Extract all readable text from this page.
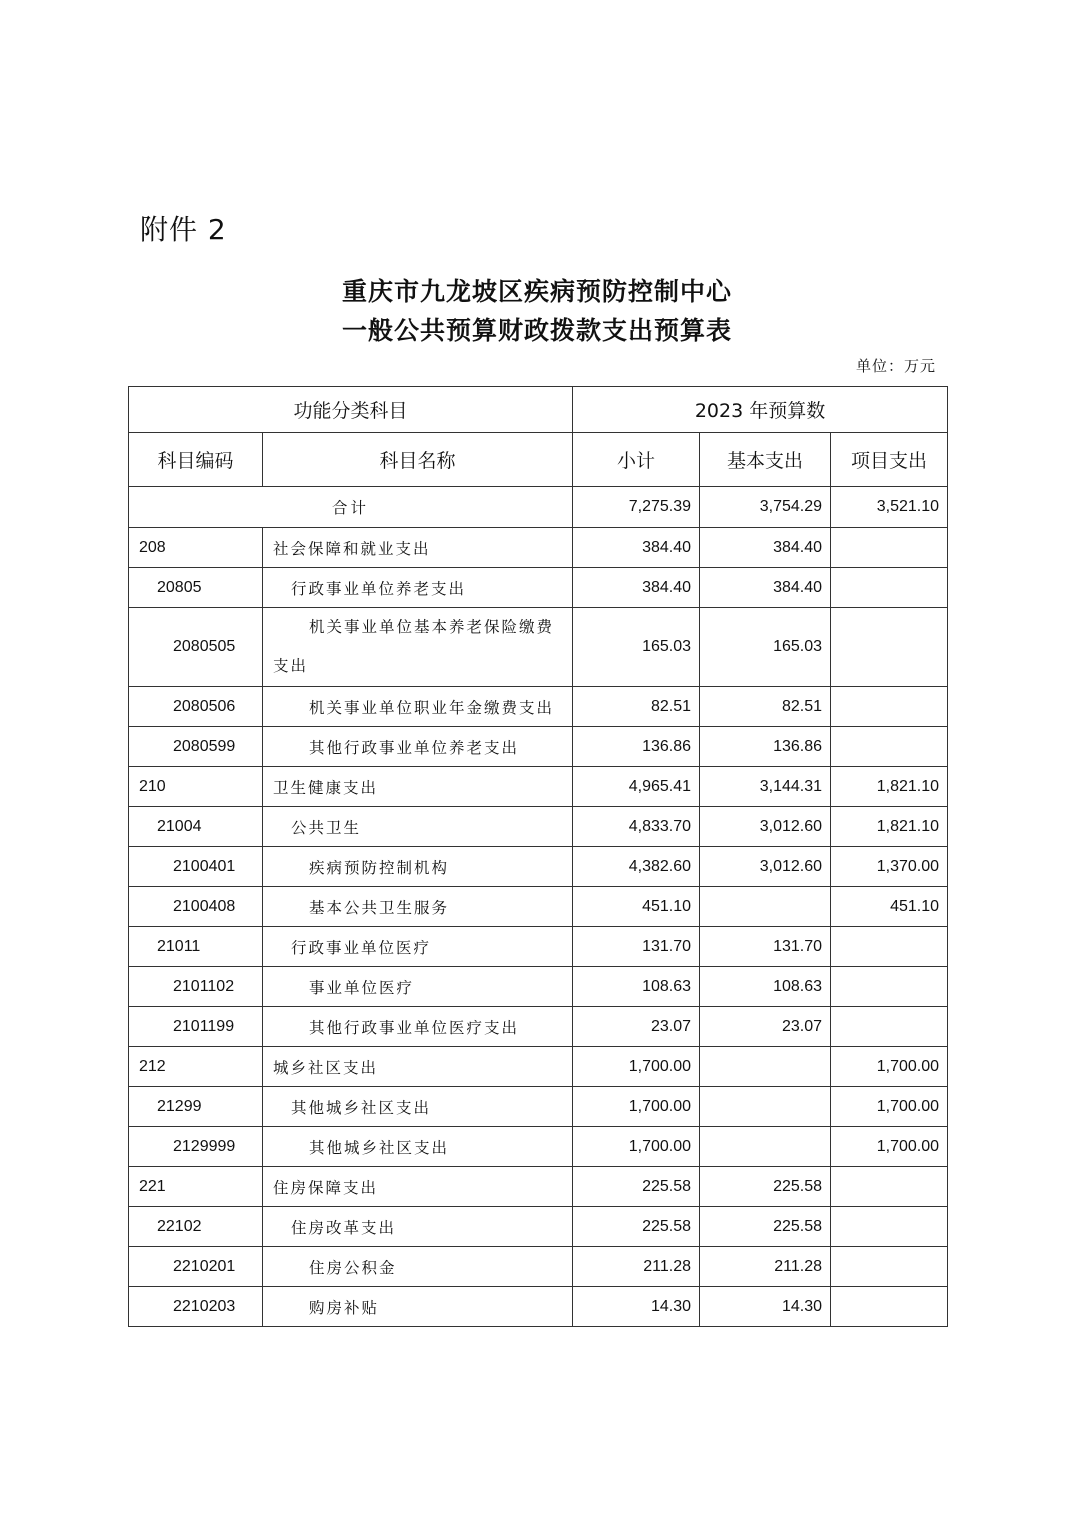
附件 2
重庆市九龙坡区疾病预防控制中心
一般公共预算财政拨款支出预算表
单位：万元
功能分类科目		2023 年预算数		
科目编码	科目名称	小计	基本支出	项目支出
合计		7,275.39	3,754.29	3,521.10
208	社会保障和就业支出	384.40	384.40	
20805	行政事业单位养老支出	384.40	384.40	
2080505	机关事业单位基本养老保险缴费
支出	165.03	165.03	
2080506	机关事业单位职业年金缴费支出	82.51	82.51	
2080599	其他行政事业单位养老支出	136.86	136.86	
210	卫生健康支出	4,965.41	3,144.31	1,821.10
21004	公共卫生	4,833.70	3,012.60	1,821.10
2100401	疾病预防控制机构	4,382.60	3,012.60	1,370.00
2100408	基本公共卫生服务	451.10		451.10
21011	行政事业单位医疗	131.70	131.70	
2101102	事业单位医疗	108.63	108.63	
2101199	其他行政事业单位医疗支出	23.07	23.07	
212	城乡社区支出	1,700.00		1,700.00
21299	其他城乡社区支出	1,700.00		1,700.00
2129999	其他城乡社区支出	1,700.00		1,700.00
221	住房保障支出	225.58	225.58	
22102	住房改革支出	225.58	225.58	
2210201	住房公积金	211.28	211.28	
2210203	购房补贴	14.30	14.30	
